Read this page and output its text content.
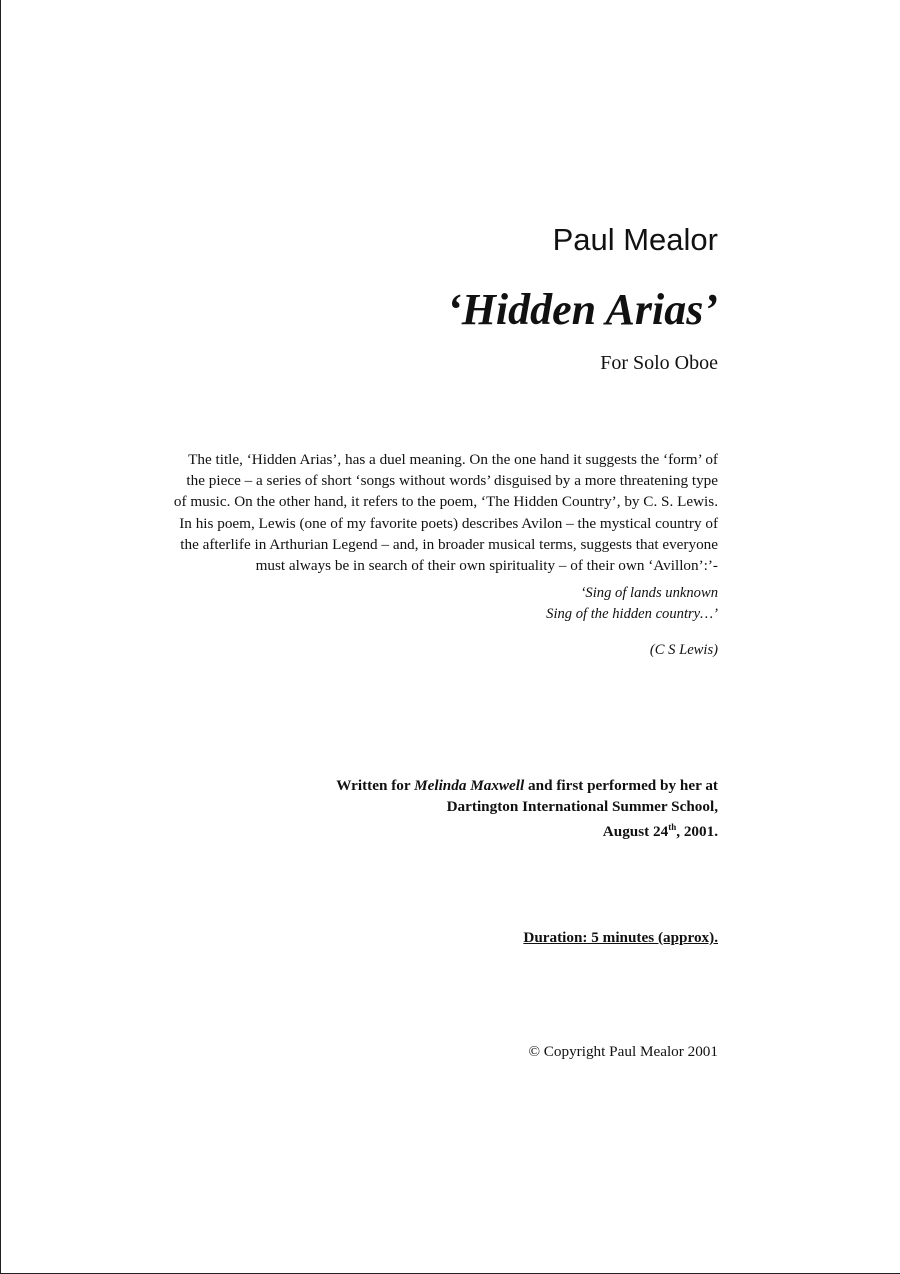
Paul Mealor
‘Hidden Arias’
For Solo Oboe
The title, ‘Hidden Arias’, has a duel meaning. On the one hand it suggests the ‘form’ of
the piece – a series of short ‘songs without words’ disguised by a more threatening type
of music. On the other hand, it refers to the poem, ‘The Hidden Country’, by C. S. Lewis.
In his poem, Lewis (one of my favorite poets) describes Avilon – the mystical country of
the afterlife in Arthurian Legend – and, in broader musical terms, suggests that everyone
must always be in search of their own spirituality – of their own ‘Avillon’:’-
‘Sing of lands unknown
Sing of the hidden country…’
(C S Lewis)
Written for Melinda Maxwell and first performed by her at
Dartington International Summer School,
August 24th, 2001.
Duration: 5 minutes (approx).
© Copyright Paul Mealor 2001
